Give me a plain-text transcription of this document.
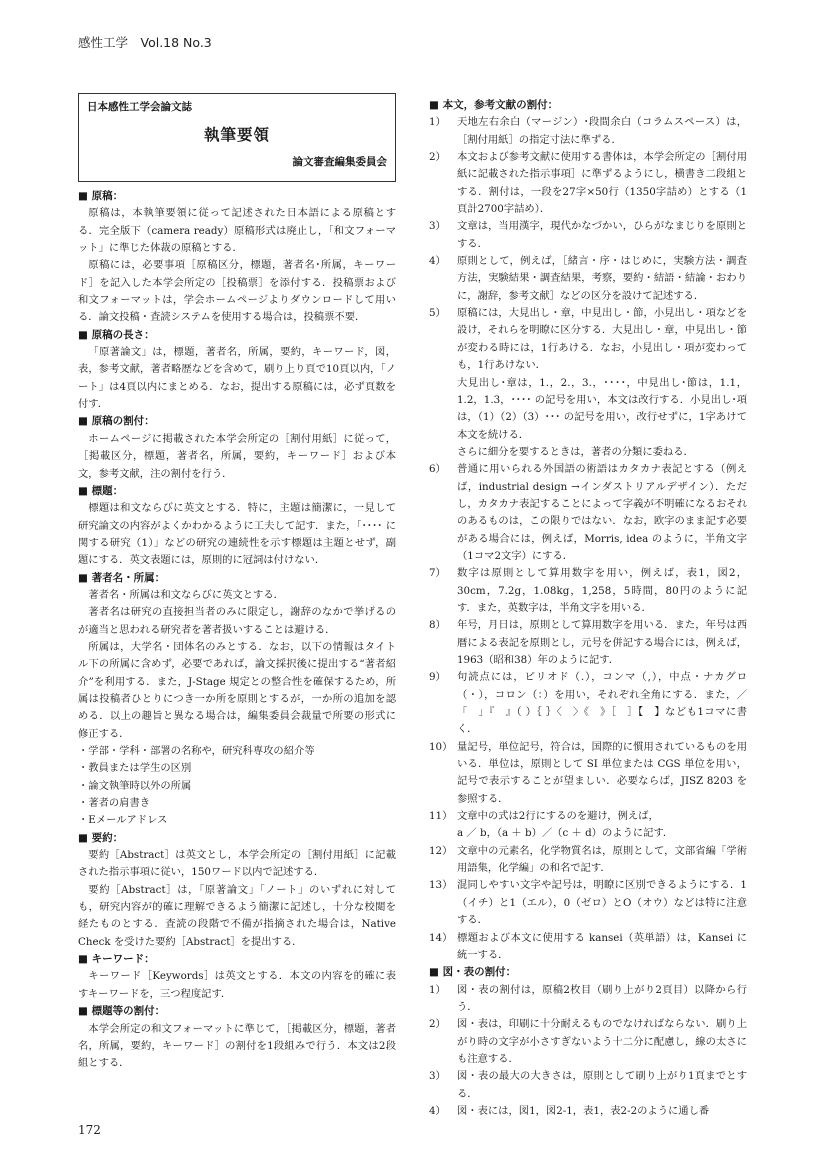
感性工学　Vol.18 No.3
日本感性工学会論文誌
執筆要領
論文審査編集委員会
■ 原稿：

原稿は，本執筆要領に従って記述された日本語による原稿とする．完全版下（camera ready）原稿形式は廃止し，「和文フォーマット」に準じた体裁の原稿とする．

原稿には，必要事項［原稿区分，標題，著者名･所属，キーワード］を記入した本学会所定の［投稿票］を添付する．投稿票および和文フォーマットは，学会ホームページよりダウンロードして用いる．論文投稿・査読システムを使用する場合は，投稿票不要．

■ 原稿の長さ：

「原著論文」は，標題，著者名，所属，要約，キーワード，図，表，参考文献，著者略歴などを含めて，刷り上り頁で10頁以内，「ノート」は4頁以内にまとめる．なお，提出する原稿には，必ず頁数を付す．

■ 原稿の割付：

ホームページに掲載された本学会所定の［割付用紙］に従って，［掲載区分，標題，著者名，所属，要約，キーワード］および本文，参考文献，注の割付を行う．

■ 標題：

標題は和文ならびに英文とする．特に，主題は簡潔に，一見して研究論文の内容がよくかわかるように工夫して記す．また，「････ に関する研究（1）」などの研究の連続性を示す標題は主題とせず，副題にする．英文表題には，原則的に冠詞は付けない．

■ 著者名・所属：

著者名・所属は和文ならびに英文とする．

著者名は研究の直接担当者のみに限定し，謝辞のなかで挙げるのが適当と思われる研究者を著者扱いすることは避ける．

所属は，大学名・団体名のみとする．なお，以下の情報はタイトル下の所属に含めず，必要であれば，論文採択後に提出する“著者紹介”を利用する．また，J-Stage 規定との整合性を確保するため，所属は投稿者ひとりにつき一か所を原則とするが，一か所の追加を認める．以上の趣旨と異なる場合は，編集委員会裁量で所要の形式に修正する．

・学部・学科・部署の名称や，研究科専攻の紹介等

・教員または学生の区別

・論文執筆時以外の所属

・著者の肩書き

・Eメールアドレス

■ 要約：

要約［Abstract］は英文とし，本学会所定の［割付用紙］に記載された指示事項に従い，150ワード以内で記述する．

要約［Abstract］は，「原著論文」「ノート」のいずれに対しても，研究内容が的確に理解できるよう簡潔に記述し，十分な校閲を経たものとする．査読の段階で不備が指摘された場合は，Native Check を受けた要約［Abstract］を提出する．

■ キーワード：

キーワード［Keywords］は英文とする．本文の内容を的確に表すキーワードを，三つ程度記す．

■ 標題等の割付：

本学会所定の和文フォーマットに準じて，［掲載区分，標題，著者名，所属，要約，キーワード］の割付を1段組みで行う．本文は2段組とする．

■ 本文，参考文献の割付：
1）	天地左右余白（マージン）･段間余白（コラムスペース）は，［割付用紙］の指定寸法に準ずる．

2）	本文および参考文献に使用する書体は，本学会所定の［割付用紙に記載された指示事項］に準ずるようにし，横書き二段組とする．割付は，一段を27字×50行（1350字詰め）とする（1頁計2700字詰め）．

3）	文章は，当用漢字，現代かなづかい，ひらがなまじりを原則とする．

4）	原則として，例えば，［緒言・序・はじめに，実験方法・調査方法，実験結果・調査結果，考察，要約・結語・結論・おわりに，謝辞，参考文献］などの区分を設けて記述する．

5）	原稿には，大見出し・章，中見出し・節，小見出し・項などを設け，それらを明瞭に区分する．大見出し・章，中見出し・節が変わる時には，1行あける．なお，小見出し・項が変わっても，1行あけない．

大見出し･章は，1.，2.，3.，････，中見出し･節は，1.1，1.2，1.3，････ の記号を用い，本文は改行する．小見出し･項は，（1）（2）（3）･･･ の記号を用い，改行せずに，1字あけて本文を続ける．

さらに細分を要するときは，著者の分類に委ねる．

6）	普通に用いられる外国語の術語はカタカナ表記とする（例えば，industrial design →インダストリアルデザイン）．ただし，カタカナ表記することによって字義が不明確になるおそれのあるものは，この限りではない．なお，欧字のまま記す必要がある場合には，例えば，Morris, idea のように，半角文字（1コマ2文字）にする．

7）	数字は原則として算用数字を用い，例えば，表1，図2，30cm，7.2g，1.08kg，1,258，5時間，80円のように記す．また，英数字は，半角文字を用いる．

8）	年号，月日は，原則として算用数字を用いる．また，年号は西暦による表記を原則とし，元号を併記する場合には，例えば，1963（昭和38）年のように記す．

9）	句読点には，ピリオド（.），コンマ（,），中点・ナカグロ（・），コロン（：）を用い，それぞれ全角にする．また，／「　」『　』（ ）｛ ｝〈　〉《　》［　］【　】なども1コマに書く．

10） 量記号，単位記号，符合は，国際的に慣用されているものを用いる．単位は，原則として SI 単位または CGS 単位を用い，記号で表示することが望ましい．必要ならば，JISZ 8203 を参照する．

11） 文章中の式は2行にするのを避け，例えば，

a ／ b，（a ＋ b）／（c ＋ d）のように記す．

12） 文章中の元素名，化学物質名は，原則として，文部省編「学術用語集，化学編」の和名で記す．

13） 混同しやすい文字や記号は，明瞭に区別できるようにする．1（イチ）と1（エル），0（ゼロ）とO（オウ）などは特に注意する．

14） 標題および本文に使用する kansei（英単語）は，Kansei に統一する．

■ 図・表の割付：
1）	図・表の割付は，原稿2枚目（刷り上がり2頁目）以降から行う．

2）	図・表は，印刷に十分耐えるものでなければならない．刷り上がり時の文字が小さすぎないよう十二分に配慮し，線の太さにも注意する．

3）	図・表の最大の大きさは，原則として刷り上がり1頁までとする．

4）	図・表には，図1，図2-1，表1，表2-2のように通し番

172
